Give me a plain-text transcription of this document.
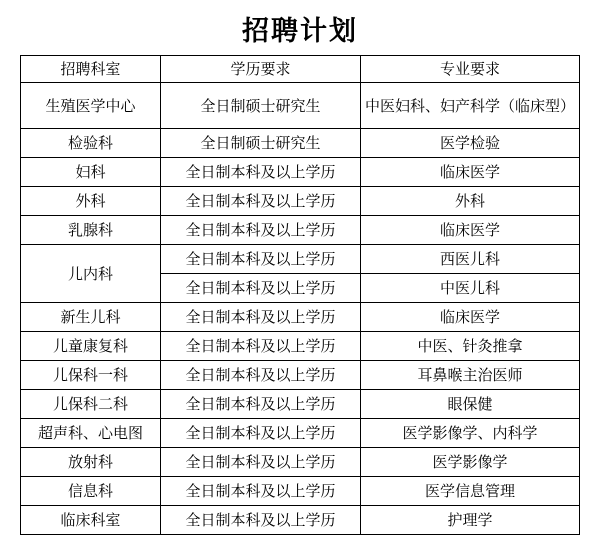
招聘计划
招聘科室	学历要求	专业要求
生殖医学中心	全日制硕士研究生	中医妇科、妇产科学（临床型）
检验科	全日制硕士研究生	医学检验
妇科	全日制本科及以上学历	临床医学
外科	全日制本科及以上学历	外科
乳腺科	全日制本科及以上学历	临床医学
儿内科	全日制本科及以上学历	西医儿科
	全日制本科及以上学历	中医儿科
新生儿科	全日制本科及以上学历	临床医学
儿童康复科	全日制本科及以上学历	中医、针灸推拿
儿保科一科	全日制本科及以上学历	耳鼻喉主治医师
儿保科二科	全日制本科及以上学历	眼保健
超声科、心电图	全日制本科及以上学历	医学影像学、内科学
放射科	全日制本科及以上学历	医学影像学
信息科	全日制本科及以上学历	医学信息管理
临床科室	全日制本科及以上学历	护理学
